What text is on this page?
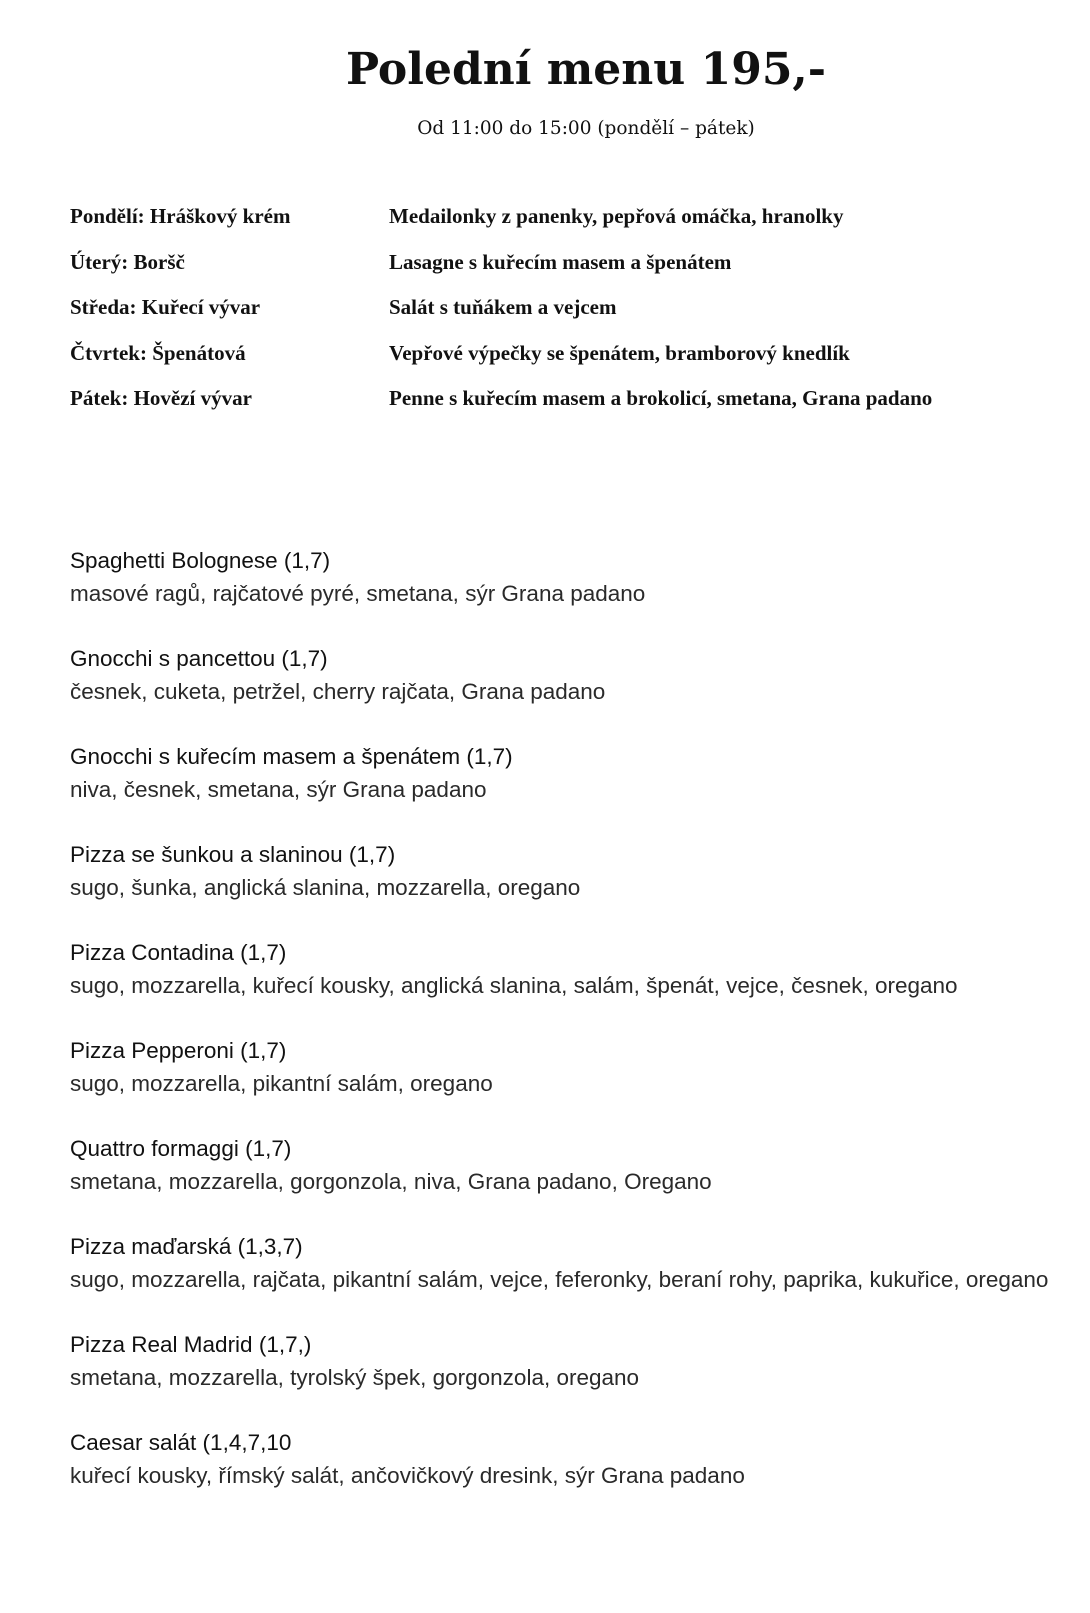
Polední menu 195,-

Od 11:00 do 15:00 (pondělí – pátek)

Pondělí: Hráškový krém	Medailonky z panenky, pepřová omáčka, hranolky
Úterý: Boršč	Lasagne s kuřecím masem a špenátem
Středa: Kuřecí vývar	Salát s tuňákem a vejcem
Čtvrtek: Špenátová	Vepřové výpečky se špenátem, bramborový knedlík
Pátek: Hovězí vývar	Penne s kuřecím masem a brokolicí, smetana, Grana padano
Spaghetti Bolognese (1,7)
masové ragů, rajčatové pyré, smetana, sýr Grana padano
Gnocchi s pancettou (1,7)
česnek, cuketa, petržel, cherry rajčata, Grana padano
Gnocchi s kuřecím masem a špenátem (1,7)
niva, česnek, smetana, sýr Grana padano
Pizza se šunkou a slaninou (1,7)
sugo, šunka, anglická slanina, mozzarella, oregano
Pizza Contadina (1,7)
sugo, mozzarella, kuřecí kousky, anglická slanina, salám, špenát, vejce, česnek, oregano
Pizza Pepperoni (1,7)
sugo, mozzarella, pikantní salám, oregano
Quattro formaggi (1,7)
smetana, mozzarella, gorgonzola, niva, Grana padano, Oregano
Pizza maďarská (1,3,7)
sugo, mozzarella, rajčata, pikantní salám, vejce, feferonky, beraní rohy, paprika, kukuřice, oregano
Pizza Real Madrid (1,7,)
smetana, mozzarella, tyrolský špek, gorgonzola, oregano
Caesar salát (1,4,7,10
kuřecí kousky, římský salát, ančovičkový dresink, sýr Grana padano
